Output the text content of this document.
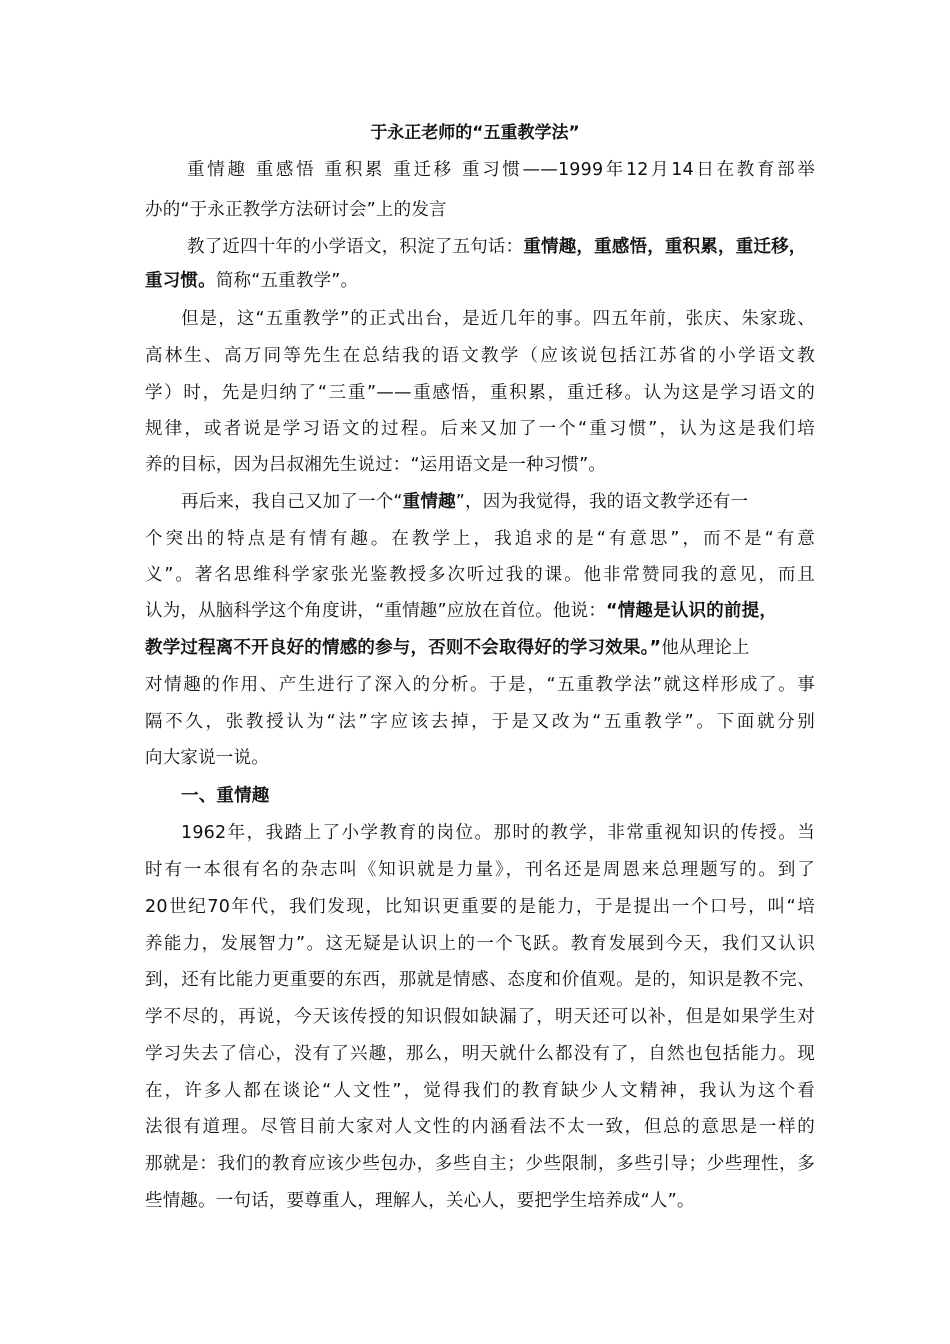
于永正老师的“五重教学法”
重情趣 重感悟 重积累 重迁移 重习惯——1999年12月14日在教育部举
办的“于永正教学方法研讨会”上的发言
教了近四十年的小学语文，积淀了五句话：重情趣，重感悟，重积累，重迁移，
重习惯。简称“五重教学”。
但是，这“五重教学”的正式出台，是近几年的事。四五年前，张庆、朱家珑、
高林生、高万同等先生在总结我的语文教学（应该说包括江苏省的小学语文教
学）时，先是归纳了“三重”——重感悟，重积累，重迁移。认为这是学习语文的
规律，或者说是学习语文的过程。后来又加了一个“重习惯”，认为这是我们培
养的目标，因为吕叔湘先生说过：“运用语文是一种习惯”。
再后来，我自己又加了一个“重情趣”，因为我觉得，我的语文教学还有一
个突出的特点是有情有趣。在教学上，我追求的是“有意思”，而不是“有意
义”。著名思维科学家张光鉴教授多次听过我的课。他非常赞同我的意见，而且
认为，从脑科学这个角度讲，“重情趣”应放在首位。他说：“情趣是认识的前提，
教学过程离不开良好的情感的参与，否则不会取得好的学习效果。”他从理论上
对情趣的作用、产生进行了深入的分析。于是，“五重教学法”就这样形成了。事
隔不久，张教授认为“法”字应该去掉，于是又改为“五重教学”。下面就分别
向大家说一说。
一、重情趣
1962年，我踏上了小学教育的岗位。那时的教学，非常重视知识的传授。当
时有一本很有名的杂志叫《知识就是力量》，刊名还是周恩来总理题写的。到了
20世纪70年代，我们发现，比知识更重要的是能力，于是提出一个口号，叫“培
养能力，发展智力”。这无疑是认识上的一个飞跃。教育发展到今天，我们又认识
到，还有比能力更重要的东西，那就是情感、态度和价值观。是的，知识是教不完、
学不尽的，再说，今天该传授的知识假如缺漏了，明天还可以补，但是如果学生对
学习失去了信心，没有了兴趣，那么，明天就什么都没有了，自然也包括能力。现
在，许多人都在谈论“人文性”，觉得我们的教育缺少人文精神，我认为这个看
法很有道理。尽管目前大家对人文性的内涵看法不太一致，但总的意思是一样的
那就是：我们的教育应该少些包办，多些自主；少些限制，多些引导；少些理性，多
些情趣。一句话，要尊重人，理解人，关心人，要把学生培养成“人”。
